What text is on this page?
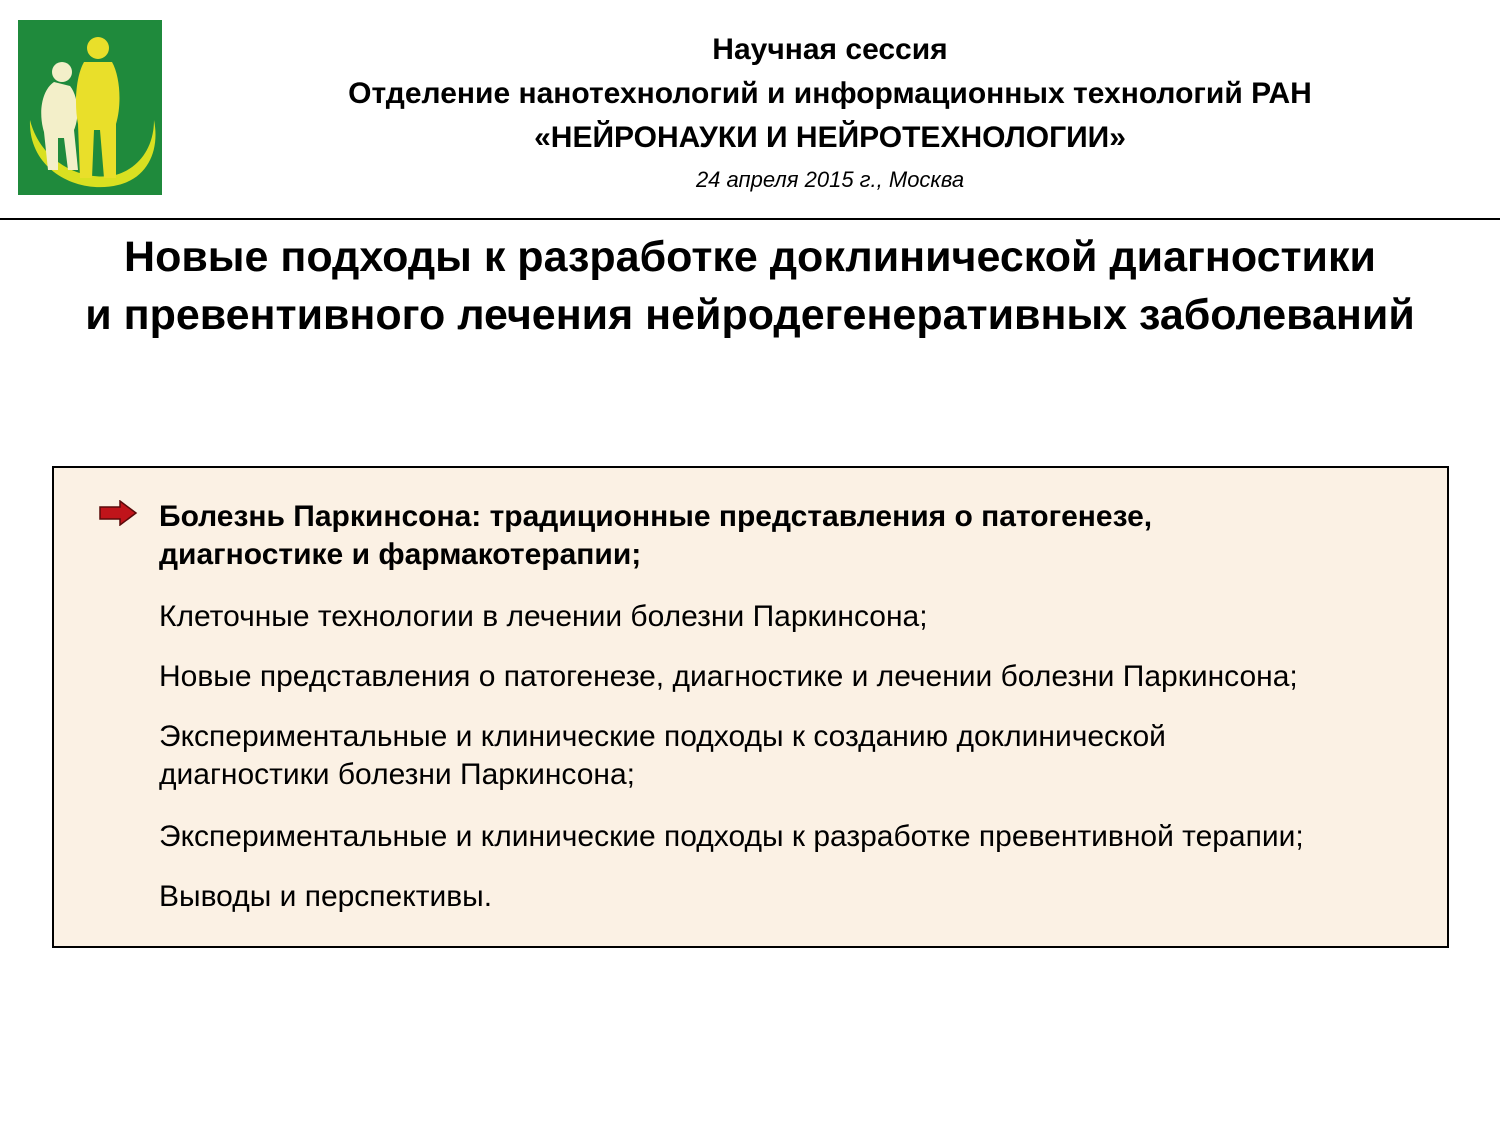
Научная сессия
Отделение нанотехнологий и информационных технологий РАН
«НЕЙРОНАУКИ И НЕЙРОТЕХНОЛОГИИ»
24 апреля 2015 г., Москва
Новые подходы к разработке доклинической диагностики
и превентивного лечения нейродегенеративных заболеваний
Болезнь Паркинсона: традиционные представления о патогенезе,
диагностике и фармакотерапии;
Клеточные технологии в лечении болезни Паркинсона;
Новые представления о патогенезе, диагностике и лечении болезни Паркинсона;
Экспериментальные и клинические подходы к созданию доклинической
диагностики болезни Паркинсона;
Экспериментальные и клинические подходы к разработке превентивной терапии;
Выводы и перспективы.
